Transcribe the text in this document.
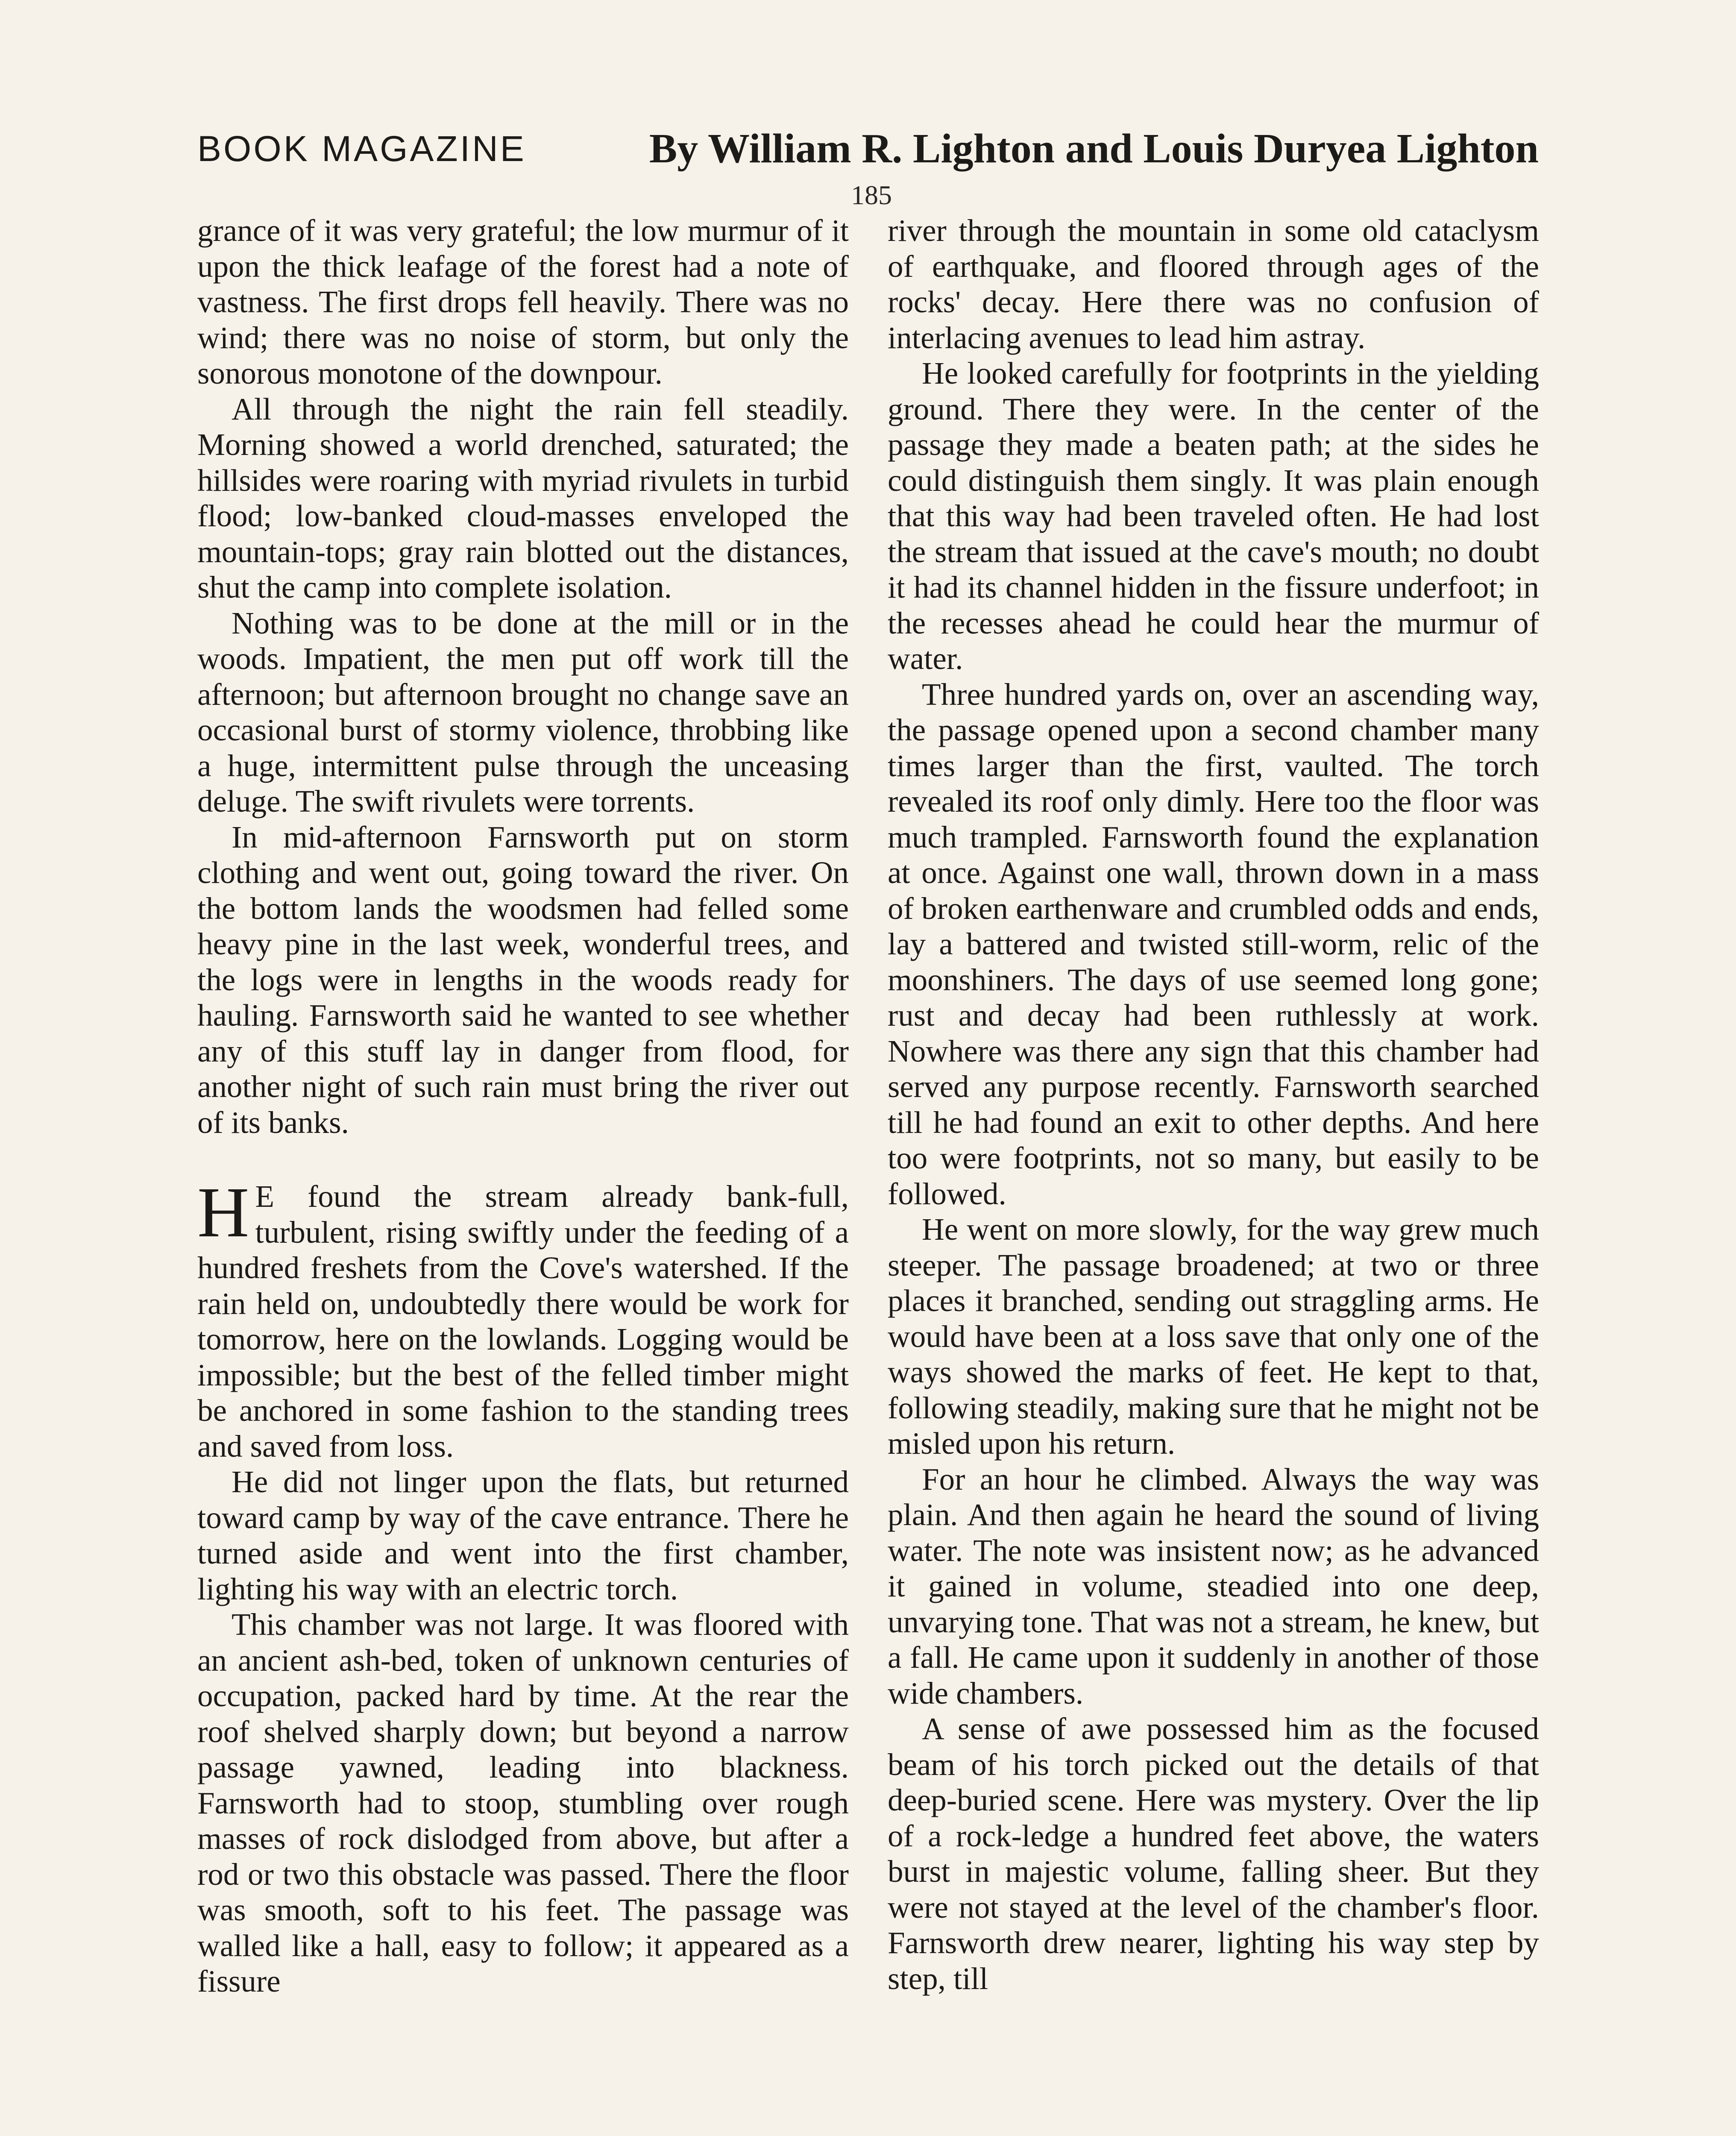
BOOK MAGAZINE	By William R. Lighton and Louis Duryea Lighton
185

grance of it was very grateful; the low murmur of it upon the thick leafage of the forest had a note of vastness. The first drops fell heavily. There was no wind; there was no noise of storm, but only the sonorous monotone of the downpour.

All through the night the rain fell steadily. Morning showed a world drenched, saturated; the hillsides were roaring with myriad rivulets in turbid flood; low-banked cloud-masses enveloped the mountain-tops; gray rain blotted out the distances, shut the camp into complete isolation.

Nothing was to be done at the mill or in the woods. Impatient, the men put off work till the afternoon; but afternoon brought no change save an occasional burst of stormy violence, throbbing like a huge, intermittent pulse through the unceasing deluge. The swift rivulets were torrents.

In mid-afternoon Farnsworth put on storm clothing and went out, going toward the river. On the bottom lands the woodsmen had felled some heavy pine in the last week, wonderful trees, and the logs were in lengths in the woods ready for hauling. Farnsworth said he wanted to see whether any of this stuff lay in danger from flood, for another night of such rain must bring the river out of its banks.

H E found the stream already bank-full, turbulent, rising swiftly under the feeding of a hundred freshets from the Cove's watershed. If the rain held on, undoubtedly there would be work for tomorrow, here on the lowlands. Logging would be impossible; but the best of the felled timber might be anchored in some fashion to the standing trees and saved from loss.

He did not linger upon the flats, but returned toward camp by way of the cave entrance. There he turned aside and went into the first chamber, lighting his way with an electric torch.

This chamber was not large. It was floored with an ancient ash-bed, token of unknown centuries of occupation, packed hard by time. At the rear the roof shelved sharply down; but beyond a narrow passage yawned, leading into blackness. Farnsworth had to stoop, stumbling over rough masses of rock dislodged from above, but after a rod or two this obstacle was passed. There the floor was smooth, soft to his feet. The passage was walled like a hall, easy to follow; it appeared as a fissure

river through the mountain in some old cataclysm of earthquake, and floored through ages of the rocks' decay. Here there was no confusion of interlacing avenues to lead him astray.

He looked carefully for footprints in the yielding ground. There they were. In the center of the passage they made a beaten path; at the sides he could distinguish them singly. It was plain enough that this way had been traveled often. He had lost the stream that issued at the cave's mouth; no doubt it had its channel hidden in the fissure underfoot; in the recesses ahead he could hear the murmur of water.

Three hundred yards on, over an ascending way, the passage opened upon a second chamber many times larger than the first, vaulted. The torch revealed its roof only dimly. Here too the floor was much trampled. Farnsworth found the explanation at once. Against one wall, thrown down in a mass of broken earthenware and crumbled odds and ends, lay a battered and twisted still-worm, relic of the moonshiners. The days of use seemed long gone; rust and decay had been ruthlessly at work. Nowhere was there any sign that this chamber had served any purpose recently. Farnsworth searched till he had found an exit to other depths. And here too were footprints, not so many, but easily to be followed.

He went on more slowly, for the way grew much steeper. The passage broadened; at two or three places it branched, sending out straggling arms. He would have been at a loss save that only one of the ways showed the marks of feet. He kept to that, following steadily, making sure that he might not be misled upon his return.

For an hour he climbed. Always the way was plain. And then again he heard the sound of living water. The note was insistent now; as he advanced it gained in volume, steadied into one deep, unvarying tone. That was not a stream, he knew, but a fall. He came upon it suddenly in another of those wide chambers.

A sense of awe possessed him as the focused beam of his torch picked out the details of that deep-buried scene. Here was mystery. Over the lip of a rock-ledge a hundred feet above, the waters burst in majestic volume, falling sheer. But they were not stayed at the level of the chamber's floor. Farnsworth drew nearer, lighting his way step by step, till
